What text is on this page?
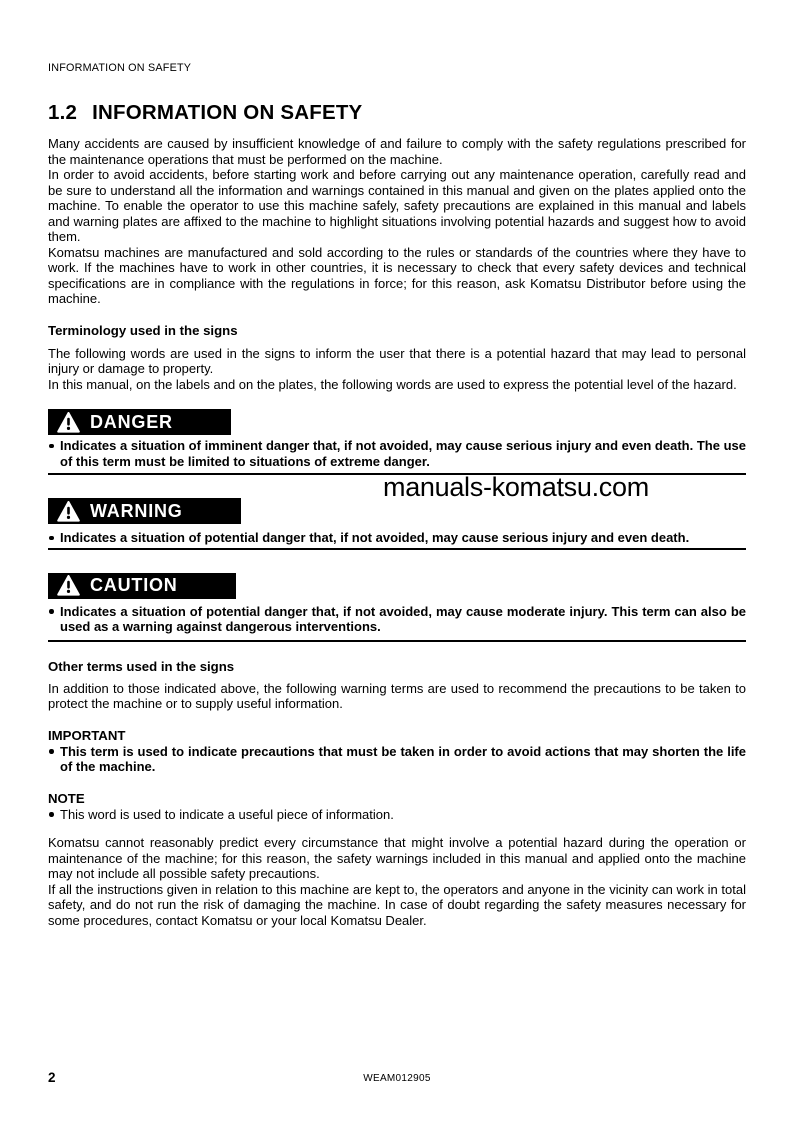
INFORMATION ON SAFETY
1.2 INFORMATION ON SAFETY

Many accidents are caused by insufficient knowledge of and failure to comply with the safety regulations prescribed for the maintenance operations that must be performed on the machine.

In order to avoid accidents, before starting work and before carrying out any maintenance operation, carefully read and be sure to understand all the information and warnings contained in this manual and given on the plates applied onto the machine. To enable the operator to use this machine safely, safety precautions are explained in this manual and labels and warning plates are affixed to the machine to highlight situations involving potential hazards and suggest how to avoid them.

Komatsu machines are manufactured and sold according to the rules or standards of the countries where they have to work. If the machines have to work in other countries, it is necessary to check that every safety devices and technical specifications are in compliance with the regulations in force; for this reason, ask Komatsu Distributor before using the machine.

Terminology used in the signs

The following words are used in the signs to inform the user that there is a potential hazard that may lead to personal injury or damage to property.

In this manual, on the labels and on the plates, the following words are used to express the potential level of the hazard.

DANGER
Indicates a situation of imminent danger that, if not avoided, may cause serious injury and even death. The use of this term must be limited to situations of extreme danger.
WARNING
Indicates a situation of potential danger that, if not avoided, may cause serious injury and even death.
CAUTION
Indicates a situation of potential danger that, if not avoided, may cause moderate injury. This term can also be used as a warning against dangerous interventions.
Other terms used in the signs

In addition to those indicated above, the following warning terms are used to recommend the precautions to be taken to protect the machine or to supply useful information.

IMPORTANT
This term is used to indicate precautions that must be taken in order to avoid actions that may shorten the life of the machine.
NOTE
This word is used to indicate a useful piece of information.

Komatsu cannot reasonably predict every circumstance that might involve a potential hazard during the operation or maintenance of the machine; for this reason, the safety warnings included in this manual and applied onto the machine may not include all possible safety precautions.

If all the instructions given in relation to this machine are kept to, the operators and anyone in the vicinity can work in total safety, and do not run the risk of damaging the machine. In case of doubt regarding the safety measures necessary for some procedures, contact Komatsu or your local Komatsu Dealer.

manuals-komatsu.com
2	WEAM012905
